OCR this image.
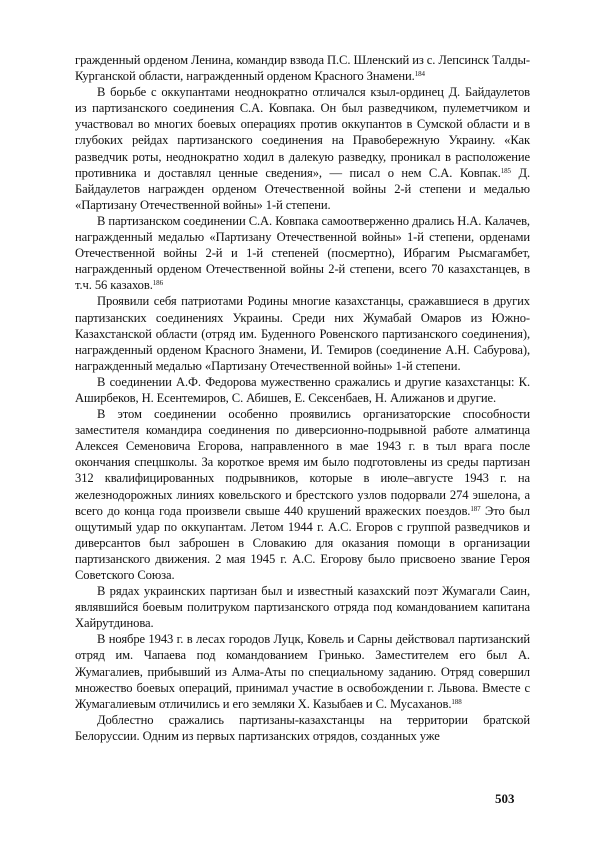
гражденный орденом Ленина, командир взвода П.С. Шленский из с. Лепсинск Талды-Курганской области, награжденный орденом Красного Знамени.$^{184}$

В борьбе с оккупантами неоднократно отличался кзыл-ординец Д. Байдаулетов из партизанского соединения С.А. Ковпака. Он был разведчиком, пулеметчиком и участвовал во многих боевых операциях против оккупантов в Сумской области и в глубоких рейдах партизанского соединения на Правобережную Украину. «Как разведчик роты, неоднократно ходил в далекую разведку, проникал в расположение противника и доставлял ценные сведения», — писал о нем С.А. Ковпак.$^{185}$ Д. Байдаулетов награжден орденом Отечественной войны 2-й степени и медалью «Партизану Отечественной войны» 1-й степени.

В партизанском соединении С.А. Ковпака самоотверженно дрались Н.А. Калачев, награжденный медалью «Партизану Отечественной войны» 1-й степени, орденами Отечественной войны 2-й и 1-й степеней (посмертно), Ибрагим Рысмагамбет, награжденный орденом Отечественной войны 2-й степени, всего 70 казахстанцев, в т.ч. 56 казахов.$^{186}$

Проявили себя патриотами Родины многие казахстанцы, сражавшиеся в других партизанских соединениях Украины. Среди них Жумабай Омаров из Южно-Казахстанской области (отряд им. Буденного Ровенского партизанского соединения), награжденный орденом Красного Знамени, И. Темиров (соединение А.Н. Сабурова), награжденный медалью «Партизану Отечественной войны» 1-й степени.

В соединении А.Ф. Федорова мужественно сражались и другие казахстанцы: К. Аширбеков, Н. Есентемиров, С. Абишев, Е. Сексенбаев, Н. Алижанов и другие.

В этом соединении особенно проявились организаторские способности заместителя командира соединения по диверсионно-подрывной работе алматинца Алексея Семеновича Егорова, направленного в мае 1943 г. в тыл врага после окончания спецшколы. За короткое время им было подготовлены из среды партизан 312 квалифицированных подрывников, которые в июле–августе 1943 г. на железнодорожных линиях ковельского и брестского узлов подорвали 274 эшелона, а всего до конца года произвели свыше 440 крушений вражеских поездов.$^{187}$ Это был ощутимый удар по оккупантам. Летом 1944 г. А.С. Егоров с группой разведчиков и диверсантов был заброшен в Словакию для оказания помощи в организации партизанского движения. 2 мая 1945 г. А.С. Егорову было присвоено звание Героя Советского Союза.

В рядах украинских партизан был и известный казахский поэт Жумагали Саин, являвшийся боевым политруком партизанского отряда под командованием капитана Хайрутдинова.

В ноябре 1943 г. в лесах городов Луцк, Ковель и Сарны действовал партизанский отряд им. Чапаева под командованием Гринько. Заместителем его был А. Жумагалиев, прибывший из Алма-Аты по специальному заданию. Отряд совершил множество боевых операций, принимал участие в освобождении г. Львова. Вместе с Жумагалиевым отличились и его земляки Х. Казыбаев и С. Мусаханов.$^{188}$

Доблестно сражались партизаны-казахстанцы на территории братской Белоруссии. Одним из первых партизанских отрядов, созданных уже

503
